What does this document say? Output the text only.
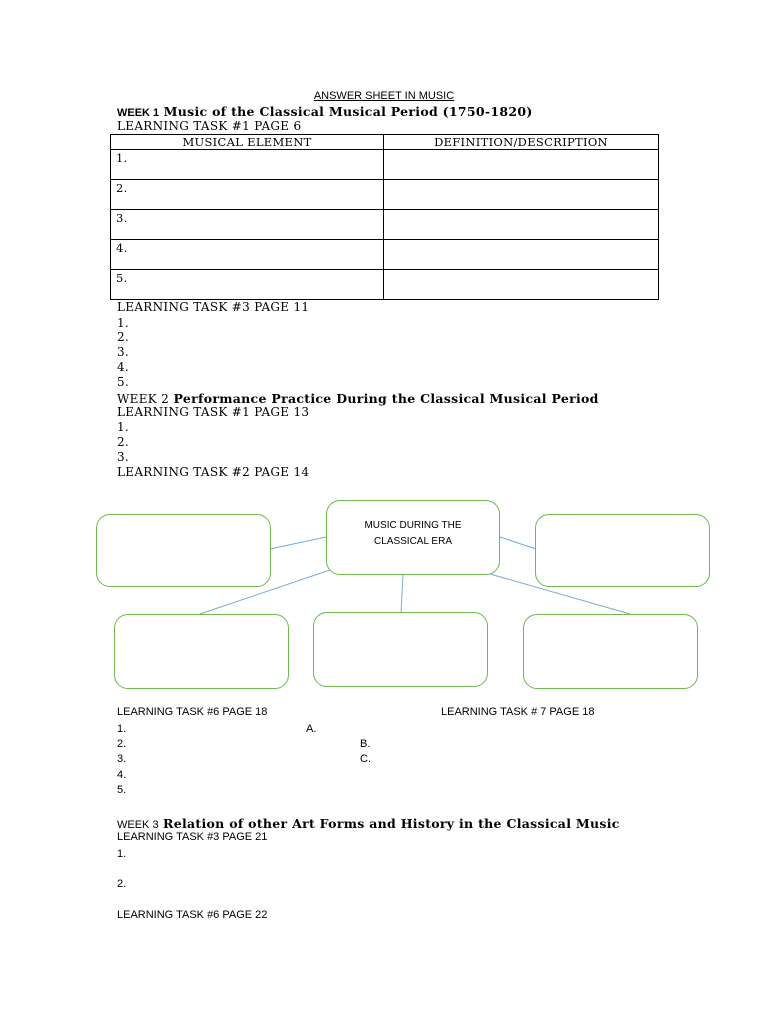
ANSWER SHEET IN MUSIC
WEEK 1 Music of the Classical Musical Period (1750-1820)
LEARNING TASK #1 PAGE 6
MUSICAL ELEMENT	DEFINITION/DESCRIPTION
1.	
2.	
3.	
4.	
5.	
LEARNING TASK #3 PAGE 11
1.
2.
3.
4.
5.
WEEK 2 Performance Practice During the Classical Musical Period
LEARNING TASK #1 PAGE 13
1.
2.
3.
LEARNING TASK #2 PAGE 14
MUSIC DURING THE
CLASSICAL ERA
LEARNING TASK #6 PAGE 18	LEARNING TASK # 7 PAGE 18
1.
2.
3.
4.
5.
A.
B.
C.
WEEK 3 Relation of other Art Forms and History in the Classical Music
LEARNING TASK #3 PAGE 21
1.
2.
LEARNING TASK #6 PAGE 22
